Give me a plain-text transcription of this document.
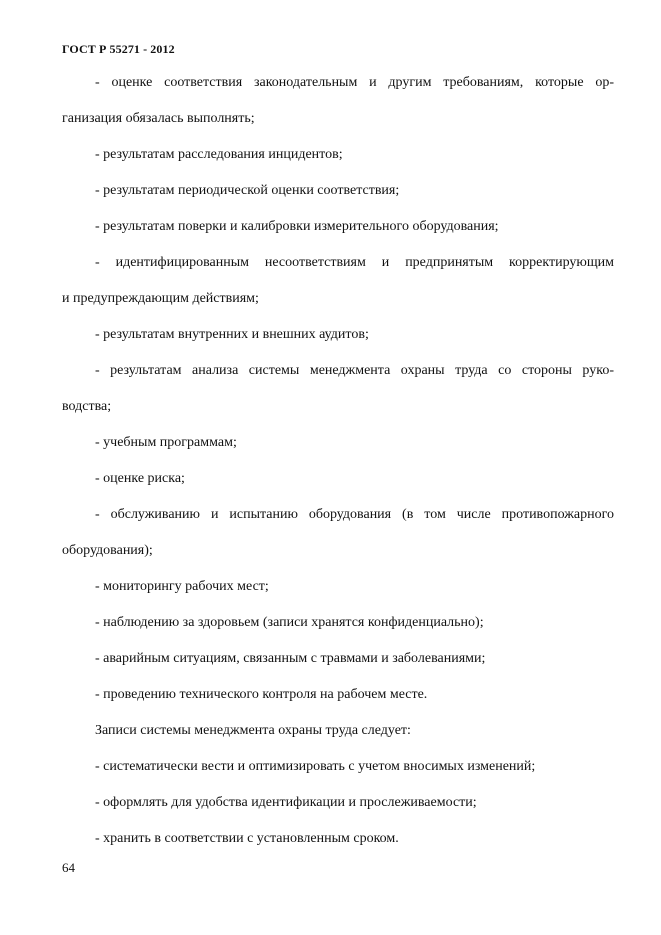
ГОСТ Р 55271 - 2012
- оценке соответствия законодательным и другим требованиям, которые ор-
ганизация обязалась выполнять;
- результатам расследования инцидентов;
- результатам периодической оценки соответствия;
- результатам поверки и калибровки измерительного оборудования;
- идентифицированным несоответствиям и предпринятым корректирующим
и предупреждающим действиям;
- результатам внутренних и внешних аудитов;
- результатам анализа системы менеджмента охраны труда со стороны руко-
водства;
- учебным программам;
- оценке риска;
- обслуживанию и испытанию оборудования (в том числе противопожарного
оборудования);
- мониторингу рабочих мест;
- наблюдению за здоровьем (записи хранятся конфиденциально);
- аварийным ситуациям, связанным с травмами и заболеваниями;
- проведению технического контроля на рабочем месте.
Записи системы менеджмента охраны труда следует:
- систематически вести и оптимизировать с учетом вносимых изменений;
- оформлять для удобства идентификации и прослеживаемости;
- хранить в соответствии с установленным сроком.
64
